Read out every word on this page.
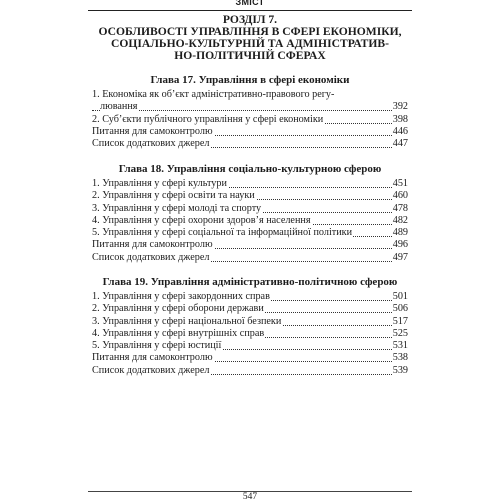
ЗМІСТ
РОЗДІЛ 7.
ОСОБЛИВОСТІ УПРАВЛІННЯ В СФЕРІ ЕКОНОМІКИ,
СОЦІАЛЬНО-КУЛЬТУРНІЙ ТА АДМІНІСТРАТИВ-
НО-ПОЛІТИЧНІЙ СФЕРАХ
Глава 17. Управління в сфері економіки
1. Економіка як об’єкт адміністративно-правового регу-
лювання	392
2. Суб’єкти публічного управління у сфері економіки	398
Питання для самоконтролю	446
Список додаткових джерел	447
Глава 18. Управління соціально-культурною сферою
1. Управління у сфері культури	451
2. Управління у сфері освіти та науки	460
3. Управління у сфері молоді та спорту	478
4. Управління у сфері охорони здоров’я населення	482
5. Управління у сфері соціальної та інформаційної політики	489
Питання для самоконтролю	496
Список додаткових джерел	497
Глава 19. Управління адміністративно-політичною сферою
1. Управління у сфері закордонних справ	501
2. Управління у сфері оборони держави	506
3. Управління у сфері національної безпеки	517
4. Управління у сфері внутрішніх справ	525
5. Управління у сфері юстиції	531
Питання для самоконтролю	538
Список додаткових джерел	539
547
